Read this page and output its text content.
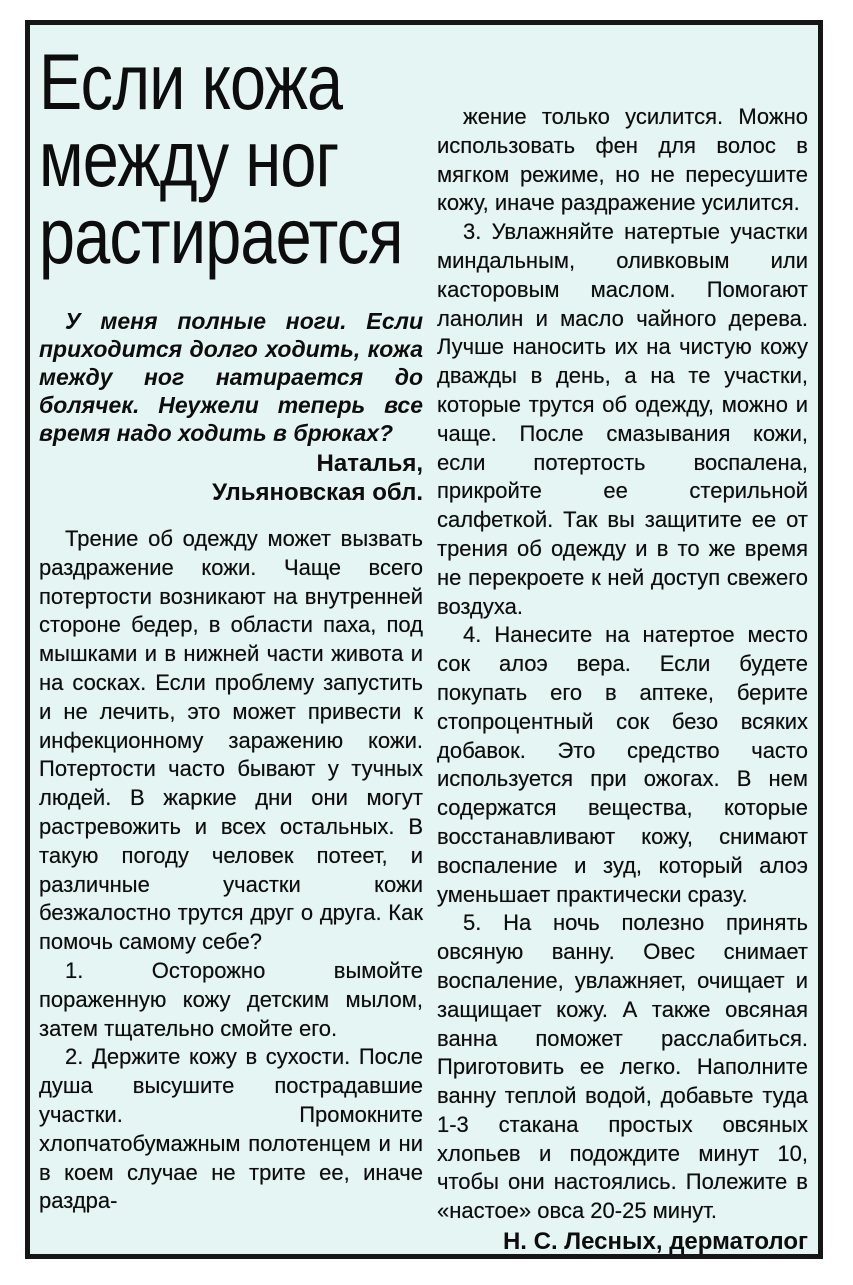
Если кожа
между ног
растирается

У меня полные ноги. Если приходится долго ходить, кожа между ног натирается до болячек. Неужели теперь все время надо ходить в брюках?

Наталья,
Ульяновская обл.

Трение об одежду может вызвать раздражение кожи. Чаще всего потертости возникают на внутренней стороне бедер, в области паха, под мышками и в нижней части живота и на сосках. Если проблему запустить и не лечить, это может привести к инфекционному заражению кожи. Потертости часто бывают у тучных людей. В жаркие дни они могут растревожить и всех остальных. В такую погоду человек потеет, и различные участки кожи безжалостно трутся друг о друга. Как помочь самому себе?

1. Осторожно вымойте пораженную кожу детским мылом, затем тщательно смойте его.

2. Держите кожу в сухости. После душа высушите пострадавшие участки. Промокните хлопчатобумажным полотенцем и ни в коем случае не трите ее, иначе раздра-

жение только усилится. Можно использовать фен для волос в мягком режиме, но не пересушите кожу, иначе раздражение усилится.

3. Увлажняйте натертые участки миндальным, оливковым или касторовым маслом. Помогают ланолин и масло чайного дерева. Лучше наносить их на чистую кожу дважды в день, а на те участки, которые трутся об одежду, можно и чаще. После смазывания кожи, если потертость воспалена, прикройте ее стерильной салфеткой. Так вы защитите ее от трения об одежду и в то же время не перекроете к ней доступ свежего воздуха.

4. Нанесите на натертое место сок алоэ вера. Если будете покупать его в аптеке, берите стопроцентный сок безо всяких добавок. Это средство часто используется при ожогах. В нем содержатся вещества, которые восстанавливают кожу, снимают воспаление и зуд, который алоэ уменьшает практически сразу.

5. На ночь полезно принять овсяную ванну. Овес снимает воспаление, увлажняет, очищает и защищает кожу. А также овсяная ванна поможет расслабиться. Приготовить ее легко. Наполните ванну теплой водой, добавьте туда 1-3 стакана простых овсяных хлопьев и подождите минут 10, чтобы они настоялись. Полежите в «настое» овса 20-25 минут.

Н. С. Лесных, дерматолог
